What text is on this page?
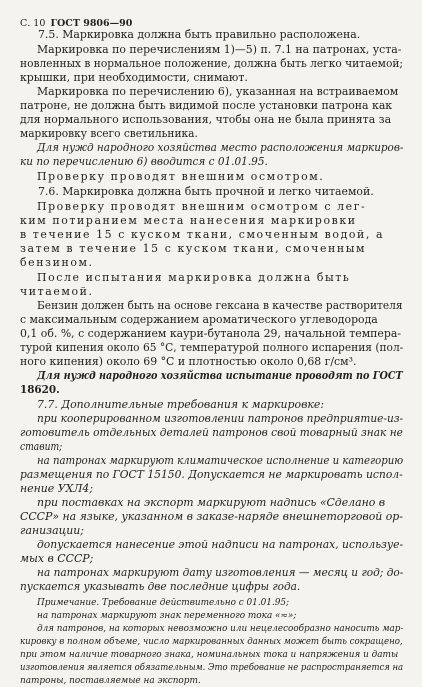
С. 10 ГОСТ 9806—90
7.5. Маркировка должна быть правильно расположена.
Маркировка по перечислениям 1)—5) п. 7.1 на патронах, уста-
новленных в нормальное положение, должна быть легко читаемой;
крышки, при необходимости, снимают.
Маркировка по перечислению 6), указанная на встраиваемом
патроне, не должна быть видимой после установки патрона как
для нормального использования, чтобы она не была принята за
маркировку всего светильника.
Для нужд народного хозяйства место расположения маркиров-
ки по перечислению 6) вводится с 01.01.95.
Проверку проводят внешним осмотром.
7.6. Маркировка должна быть прочной и легко читаемой.
Проверку проводят внешним осмотром с лег-
ким потиранием места нанесения маркировки
в течение 15 с куском ткани, смоченным водой, а
затем в течение 15 с куском ткани, смоченным
бензином.
После испытания маркировка должна быть
читаемой.
Бензин должен быть на основе гексана в качестве растворителя
с максимальным содержанием ароматического углеводорода
0,1 об. %, с содержанием каури-бутанола 29, начальной темпера-
турой кипения около 65 °С, температурой полного испарения (пол-
ного кипения) около 69 °С и плотностью около 0,68 г/см³.
Для нужд народного хозяйства испытание проводят по ГОСТ
18620.
7.7. Дополнительные требования к маркировке:
при кооперированном изготовлении патронов предприятие-из-
готовитель отдельных деталей патронов свой товарный знак не
ставит;
на патронах маркируют климатическое исполнение и категорию
размещения по ГОСТ 15150. Допускается не маркировать испол-
нение УХЛ4;
при поставках на экспорт маркируют надпись «Сделано в
СССР» на языке, указанном в заказе-наряде внешнеторговой ор-
ганизации;
допускается нанесение этой надписи на патронах, используе-
мых в СССР;
на патронах маркируют дату изготовления — месяц и год; до-
пускается указывать две последние цифры года.
Примечание. Требование действительно с 01.01.95;
на патронах маркируют знак переменного тока «≂»;
для патронов, на которых невозможно или нецелесообразно наносить мар-
кировку в полном объеме, число маркированных данных может быть сокращено,
при этом наличие товарного знака, номинальных тока и напряжения и даты
изготовления является обязательным. Это требование не распространяется на
патроны, поставляемые на экспорт.
